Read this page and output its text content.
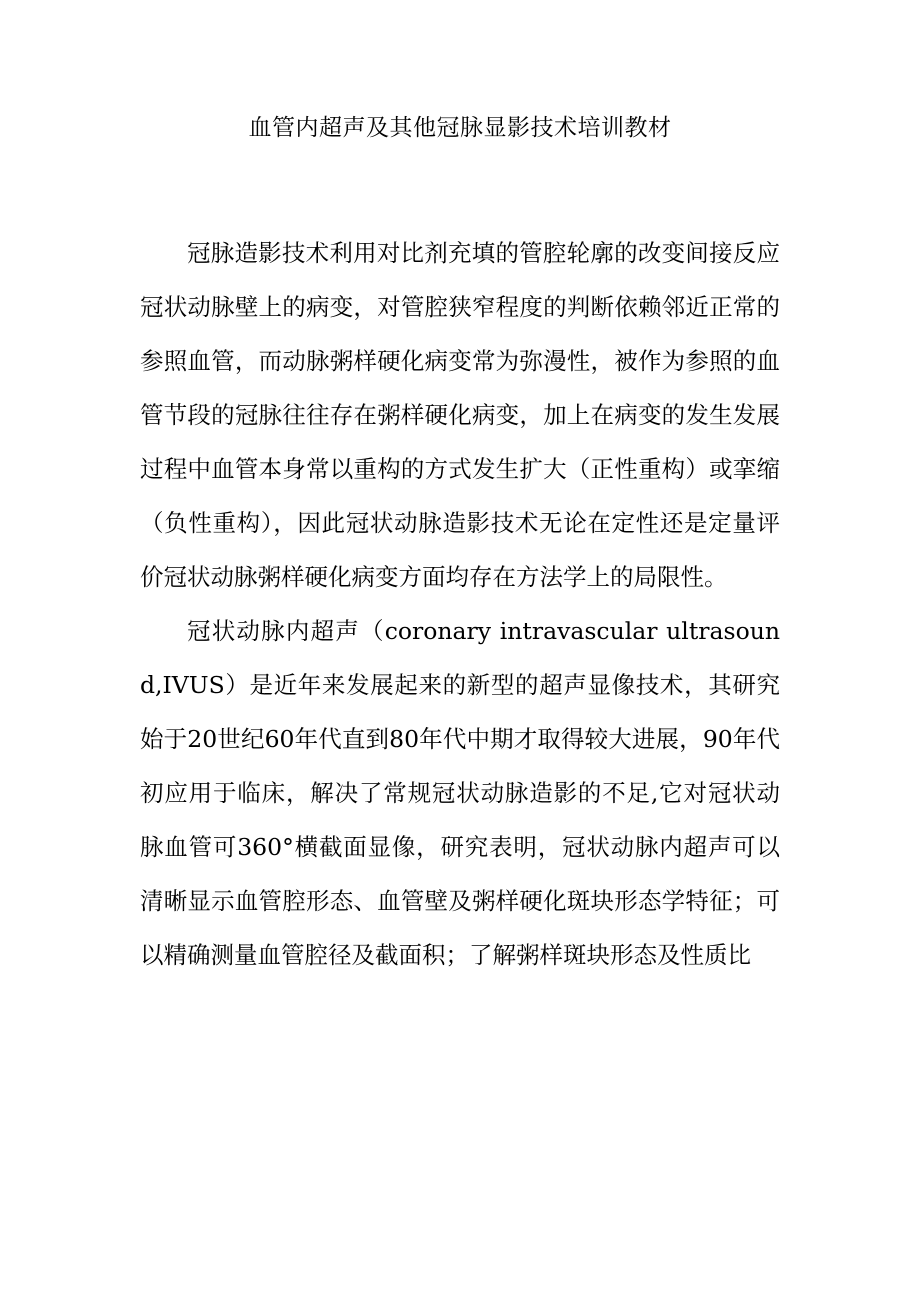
血管内超声及其他冠脉显影技术培训教材

冠脉造影技术利用对比剂充填的管腔轮廓的改变间接反应冠状动脉壁上的病变，对管腔狭窄程度的判断依赖邻近正常的参照血管，而动脉粥样硬化病变常为弥漫性，被作为参照的血管节段的冠脉往往存在粥样硬化病变，加上在病变的发生发展过程中血管本身常以重构的方式发生扩大（正性重构）或挛缩（负性重构），因此冠状动脉造影技术无论在定性还是定量评价冠状动脉粥样硬化病变方面均存在方法学上的局限性。

冠状动脉内超声（coronary intravascular ultrasound,IVUS）是近年来发展起来的新型的超声显像技术，其研究始于20世纪60年代直到80年代中期才取得较大进展，90年代初应用于临床，解决了常规冠状动脉造影的不足,它对冠状动脉血管可360°横截面显像，研究表明，冠状动脉内超声可以清晰显示血管腔形态、血管壁及粥样硬化斑块形态学特征；可以精确测量血管腔径及截面积；了解粥样斑块形态及性质比
